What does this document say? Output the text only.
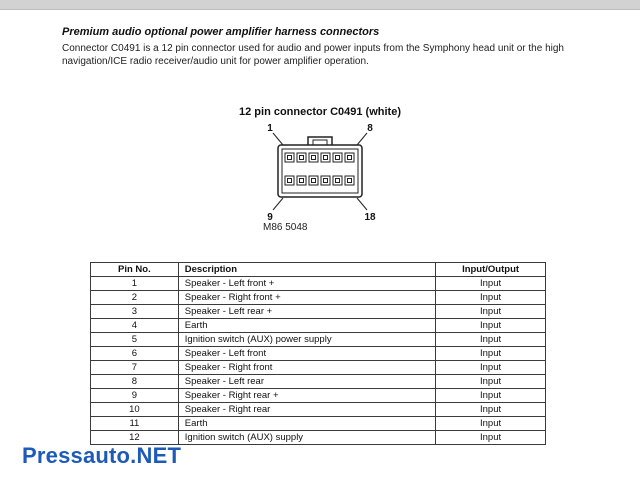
Premium audio optional power amplifier harness connectors
Connector C0491 is a 12 pin connector used for audio and power inputs from the Symphony head unit or the high navigation/ICE radio receiver/audio unit for power amplifier operation.
12 pin connector C0491 (white)
1	8
9	18
M86 5048
Pin No.	Description	Input/Output
1	Speaker - Left front +	Input
2	Speaker - Right front +	Input
3	Speaker - Left rear +	Input
4	Earth	Input
5	Ignition switch (AUX) power supply	Input
6	Speaker - Left front	Input
7	Speaker - Right front	Input
8	Speaker - Left rear	Input
9	Speaker - Right rear +	Input
10	Speaker - Right rear	Input
11	Earth	Input
12	Ignition switch (AUX) supply	Input
Pressauto.NET
